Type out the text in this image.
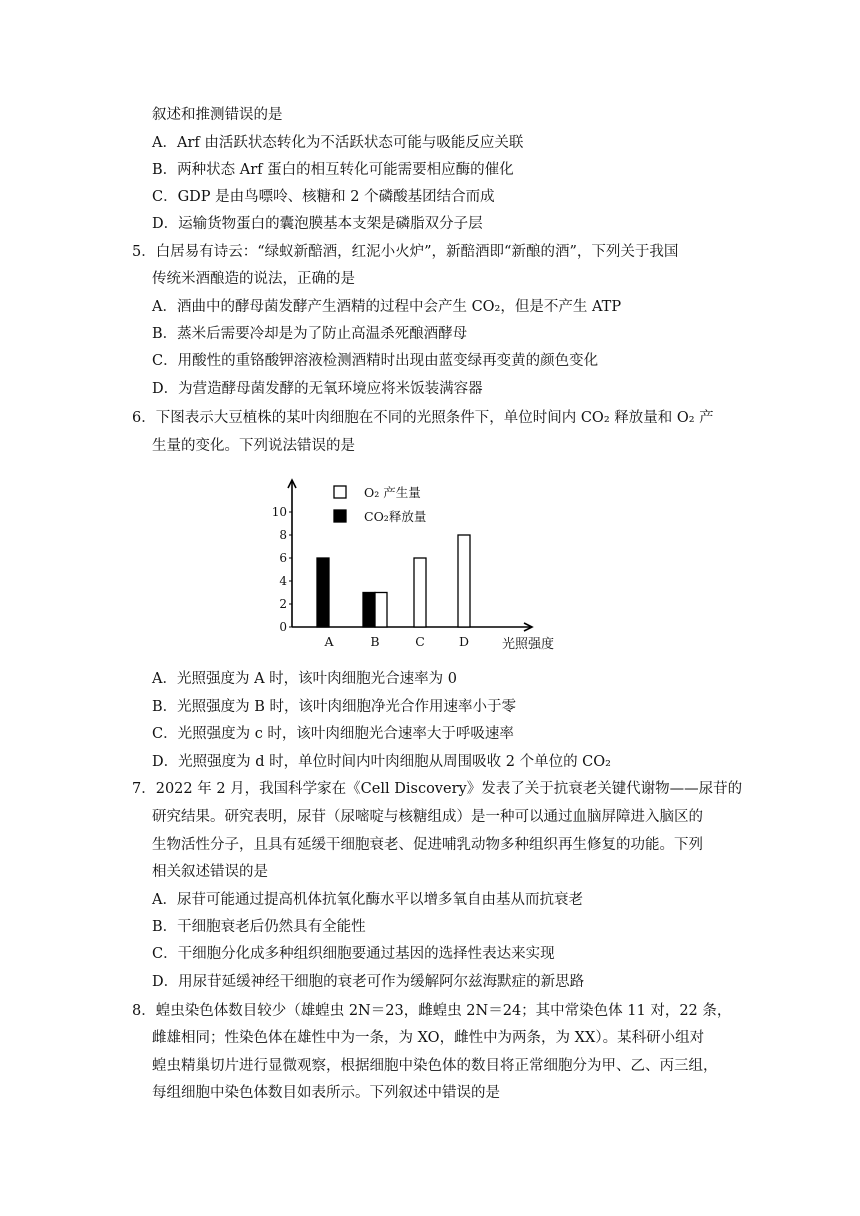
叙述和推测错误的是
A．Arf 由活跃状态转化为不活跃状态可能与吸能反应关联
B．两种状态 Arf 蛋白的相互转化可能需要相应酶的催化
C．GDP 是由鸟嘌呤、核糖和 2 个磷酸基团结合而成
D．运输货物蛋白的囊泡膜基本支架是磷脂双分子层
5．白居易有诗云：“绿蚁新醅酒，红泥小火炉”，新醅酒即“新酿的酒”，下列关于我国
传统米酒酿造的说法，正确的是
A．酒曲中的酵母菌发酵产生酒精的过程中会产生 CO₂，但是不产生 ATP
B．蒸米后需要冷却是为了防止高温杀死酿酒酵母
C．用酸性的重铬酸钾溶液检测酒精时出现由蓝变绿再变黄的颜色变化
D．为营造酵母菌发酵的无氧环境应将米饭装满容器
6．下图表示大豆植株的某叶肉细胞在不同的光照条件下，单位时间内 CO₂ 释放量和 O₂ 产
生量的变化。下列说法错误的是
0
2
4
6
8
10
A	B	C	D	光照强度
O₂ 产生量
CO₂释放量
A．光照强度为 A 时，该叶肉细胞光合速率为 0
B．光照强度为 B 时，该叶肉细胞净光合作用速率小于零
C．光照强度为 c 时，该叶肉细胞光合速率大于呼吸速率
D．光照强度为 d 时，单位时间内叶肉细胞从周围吸收 2 个单位的 CO₂
7．2022 年 2 月，我国科学家在《Cell Discovery》发表了关于抗衰老关键代谢物——尿苷的
研究结果。研究表明，尿苷（尿嘧啶与核糖组成）是一种可以通过血脑屏障进入脑区的
生物活性分子，且具有延缓干细胞衰老、促进哺乳动物多种组织再生修复的功能。下列
相关叙述错误的是
A．尿苷可能通过提高机体抗氧化酶水平以增多氧自由基从而抗衰老
B．干细胞衰老后仍然具有全能性
C．干细胞分化成多种组织细胞要通过基因的选择性表达来实现
D．用尿苷延缓神经干细胞的衰老可作为缓解阿尔兹海默症的新思路
8．蝗虫染色体数目较少（雄蝗虫 2N＝23，雌蝗虫 2N＝24；其中常染色体 11 对，22 条，
雌雄相同；性染色体在雄性中为一条，为 XO，雌性中为两条，为 XX）。某科研小组对
蝗虫精巢切片进行显微观察，根据细胞中染色体的数目将正常细胞分为甲、乙、丙三组，
每组细胞中染色体数目如表所示。下列叙述中错误的是
